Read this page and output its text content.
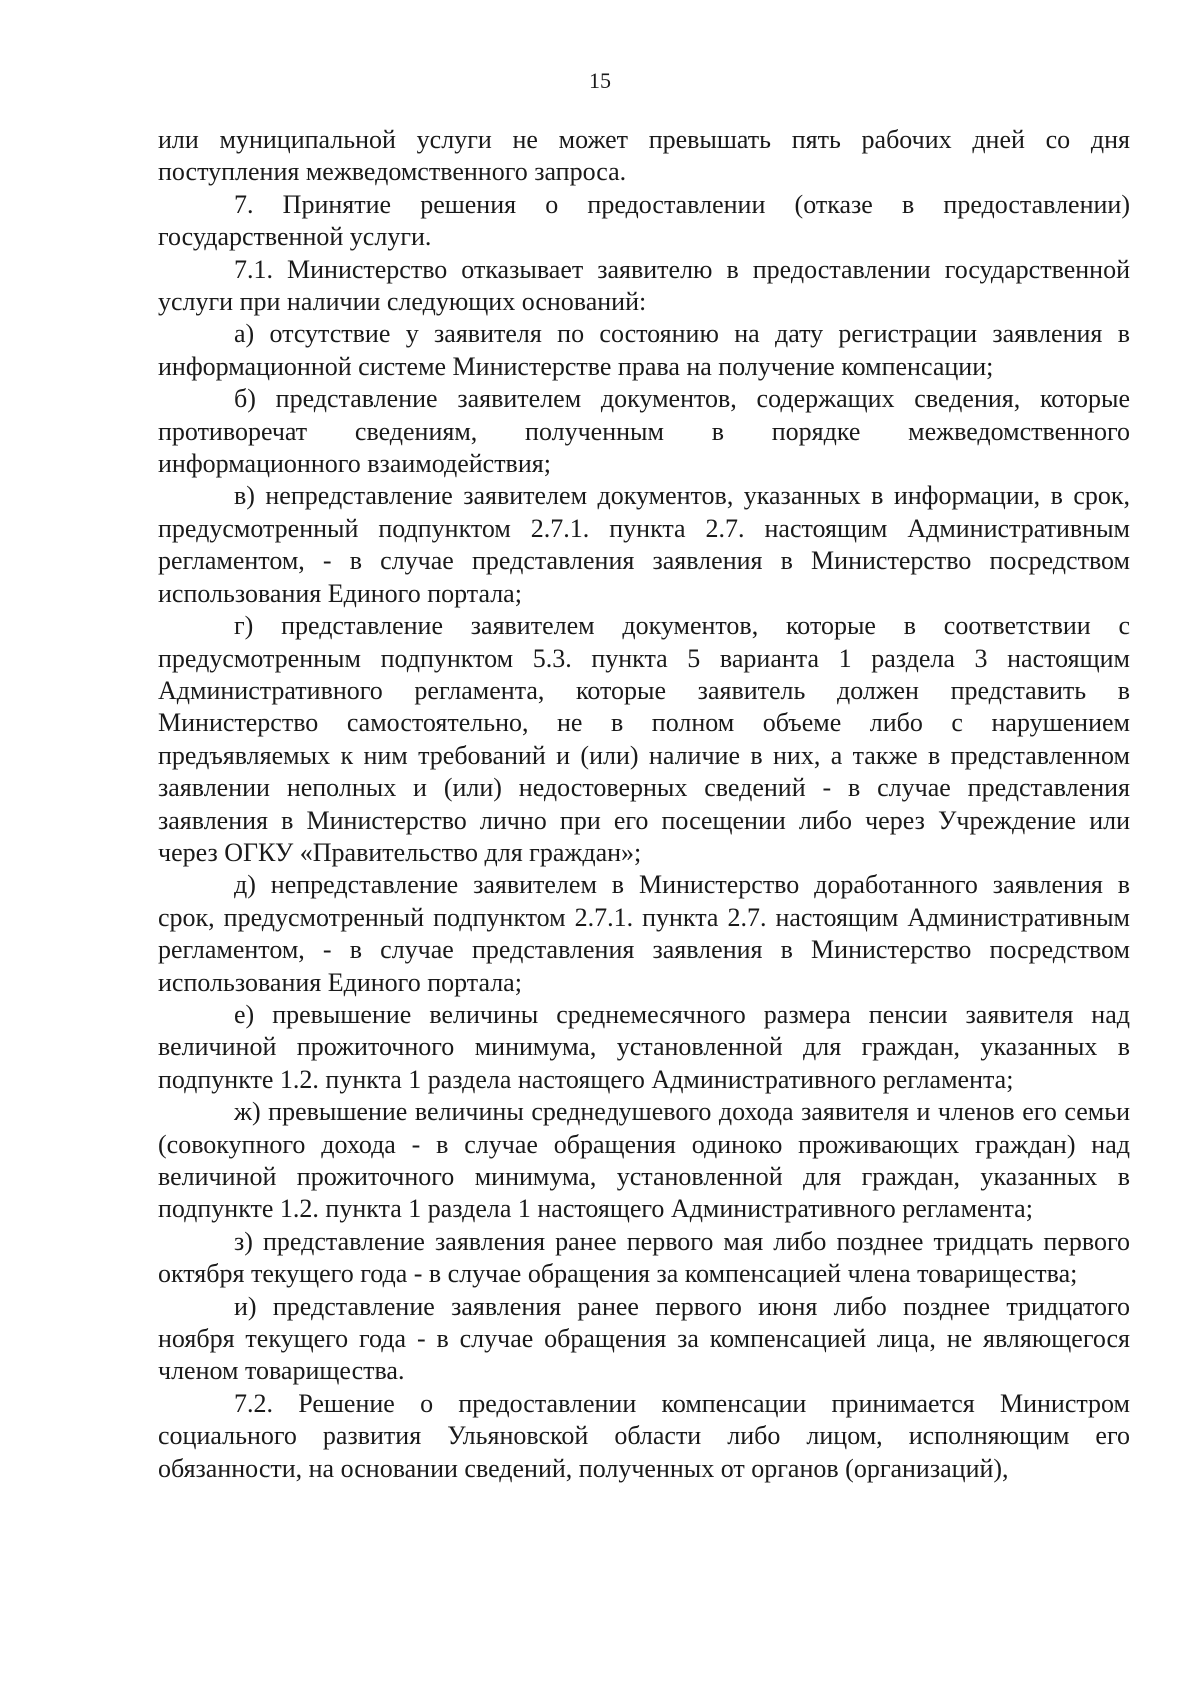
15

или муниципальной услуги не может превышать пять рабочих дней со дня поступления межведомственного запроса.

7. Принятие решения о предоставлении (отказе в предоставлении) государственной услуги.

7.1. Министерство отказывает заявителю в предоставлении государственной услуги при наличии следующих оснований:

а) отсутствие у заявителя по состоянию на дату регистрации заявления в информационной системе Министерстве права на получение компенсации;

б) представление заявителем документов, содержащих сведения, которые противоречат сведениям, полученным в порядке межведомственного информационного взаимодействия;

в) непредставление заявителем документов, указанных в информации, в срок, предусмотренный подпунктом 2.7.1. пункта 2.7. настоящим Административным регламентом, - в случае представления заявления в Министерство посредством использования Единого портала;

г) представление заявителем документов, которые в соответствии с предусмотренным подпунктом 5.3. пункта 5 варианта 1 раздела 3 настоящим Административного регламента, которые заявитель должен представить в Министерство самостоятельно, не в полном объеме либо с нарушением предъявляемых к ним требований и (или) наличие в них, а также в представленном заявлении неполных и (или) недостоверных сведений - в случае представления заявления в Министерство лично при его посещении либо через Учреждение или через ОГКУ «Правительство для граждан»;

д) непредставление заявителем в Министерство доработанного заявления в срок, предусмотренный подпунктом 2.7.1. пункта 2.7. настоящим Административным регламентом, - в случае представления заявления в Министерство посредством использования Единого портала;

е) превышение величины среднемесячного размера пенсии заявителя над величиной прожиточного минимума, установленной для граждан, указанных в подпункте 1.2. пункта 1 раздела настоящего Административного регламента;

ж) превышение величины среднедушевого дохода заявителя и членов его семьи (совокупного дохода - в случае обращения одиноко проживающих граждан) над величиной прожиточного минимума, установленной для граждан, указанных в подпункте 1.2. пункта 1 раздела 1 настоящего Административного регламента;

з) представление заявления ранее первого мая либо позднее тридцать первого октября текущего года - в случае обращения за компенсацией члена товарищества;

и) представление заявления ранее первого июня либо позднее тридцатого ноября текущего года - в случае обращения за компенсацией лица, не являющегося членом товарищества.

7.2. Решение о предоставлении компенсации принимается Министром социального развития Ульяновской области либо лицом, исполняющим его обязанности, на основании сведений, полученных от органов (организаций),
